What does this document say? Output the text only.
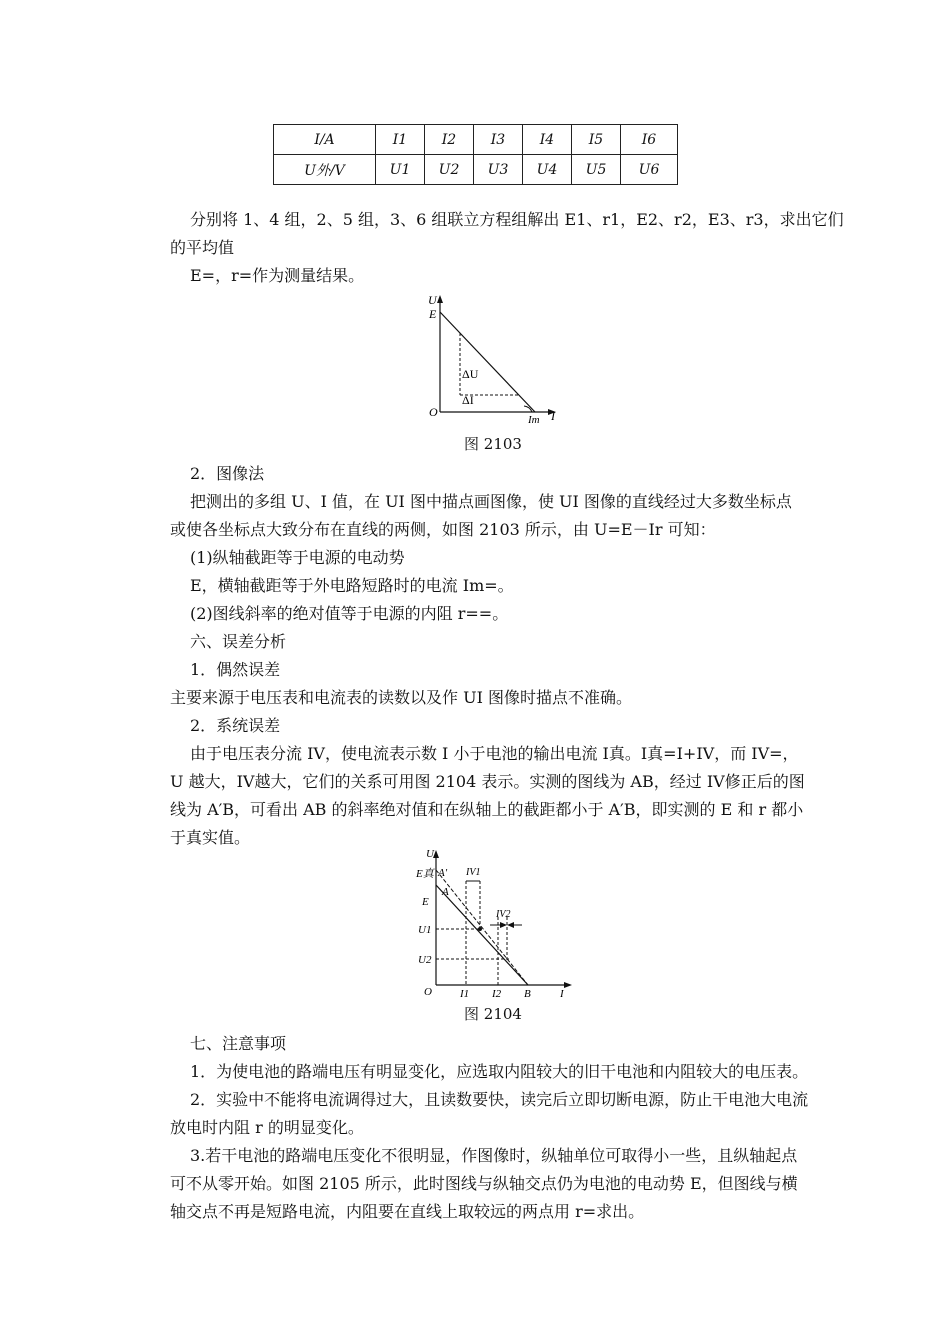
I/A	I1	I2	I3	I4	I5	I6
U外/V	U1	U2	U3	U4	U5	U6
分别将 1、4 组，2、5 组，3、6 组联立方程组解出 E1、r1，E2、r2，E3、r3，求出它们
的平均值
E=，r=作为测量结果。
U
E
O	I
Im
ΔU
ΔI
图 2103
2．图像法
把测出的多组 U、I 值，在 UI 图中描点画图像，使 UI 图像的直线经过大多数坐标点
或使各坐标点大致分布在直线的两侧，如图 2103 所示，由 U=E－Ir 可知：
(1)纵轴截距等于电源的电动势
E，横轴截距等于外电路短路时的电流 Im=。
(2)图线斜率的绝对值等于电源的内阻 r==。
六、误差分析
1．偶然误差
主要来源于电压表和电流表的读数以及作 UI 图像时描点不准确。
2．系统误差
由于电压表分流 IV，使电流表示数 I 小于电池的输出电流 I真。I真=I+IV，而 IV=，U 越大，IV越大，它们的关系可用图 2104 表示。实测的图线为 AB，经过 IV修正后的图线为 A′B，可看出 AB 的斜率绝对值和在纵轴上的截距都小于 A′B，即实测的 E 和 r 都小于真实值。
U
E真 A′
A
E
U1
U2
O	I1 I2 B	I
IV1
IV2
图 2104
七、注意事项
1．为使电池的路端电压有明显变化，应选取内阻较大的旧干电池和内阻较大的电压表。
2．实验中不能将电流调得过大，且读数要快，读完后立即切断电源，防止干电池大电流放电时内阻 r 的明显变化。
3.若干电池的路端电压变化不很明显，作图像时，纵轴单位可取得小一些，且纵轴起点可不从零开始。如图 2105 所示，此时图线与纵轴交点仍为电池的电动势 E，但图线与横轴交点不再是短路电流，内阻要在直线上取较远的两点用 r=求出。
